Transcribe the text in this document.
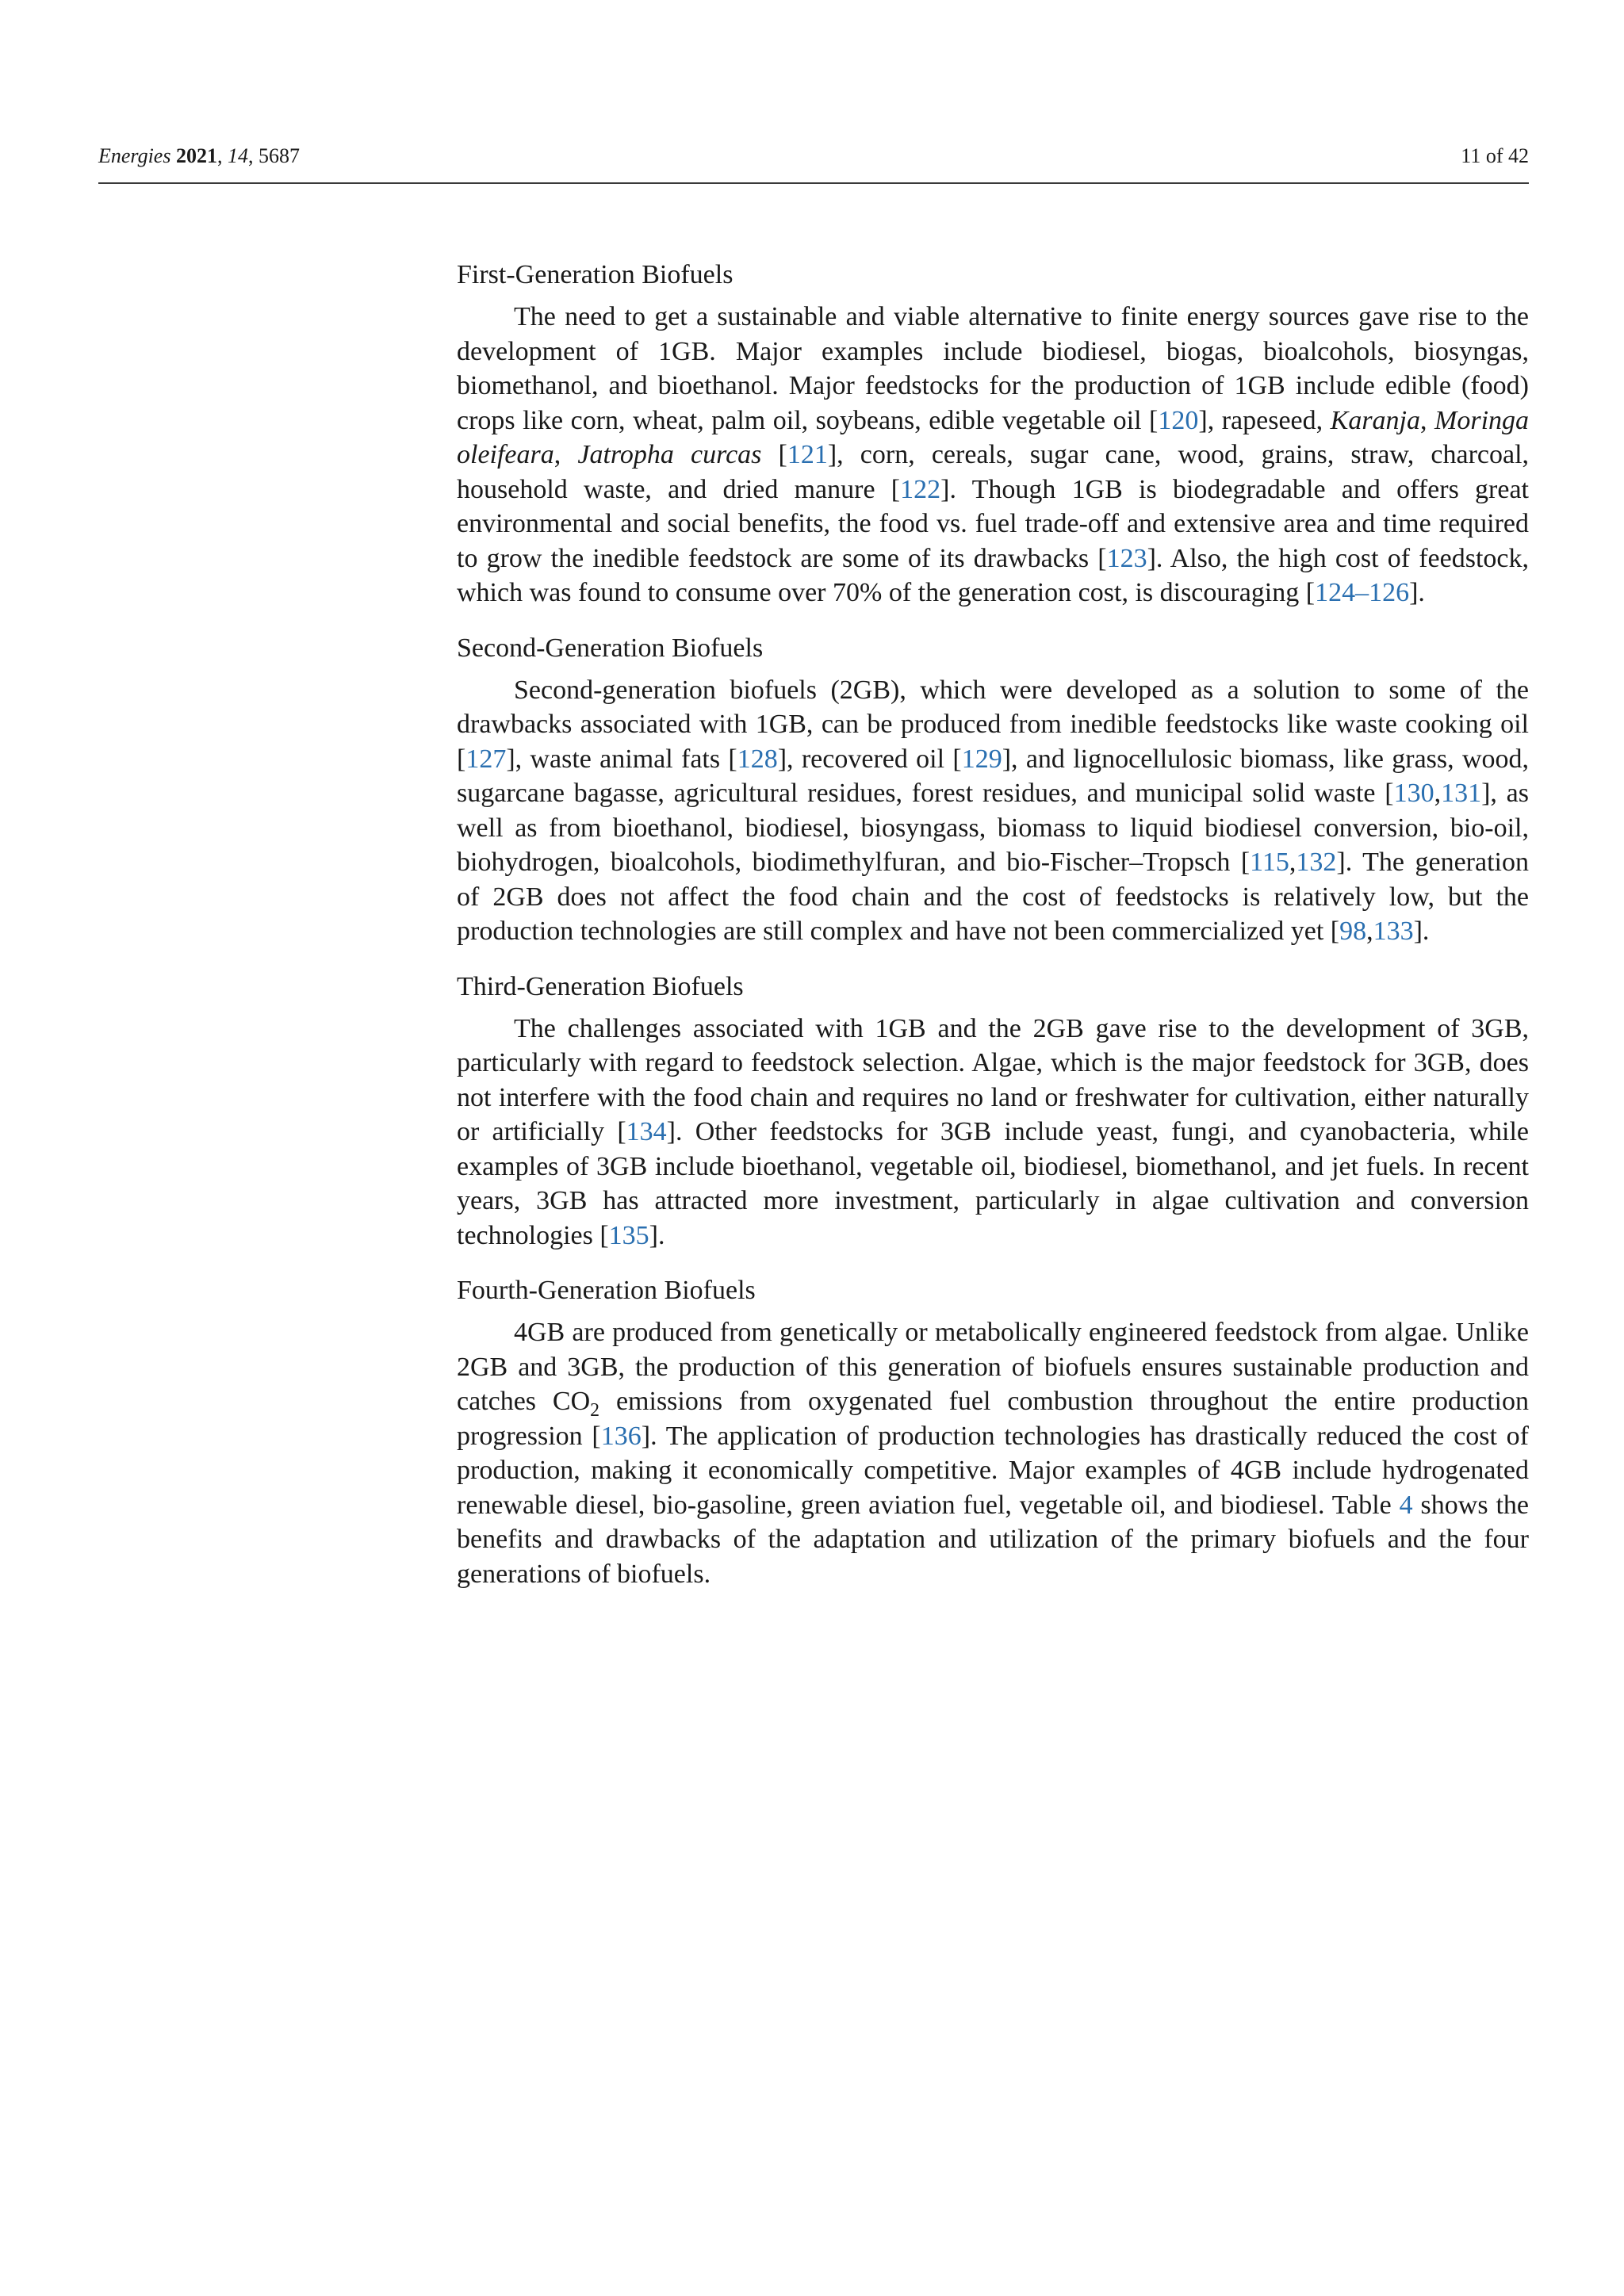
Energies 2021, 14, 5687	11 of 42
First-Generation Biofuels

The need to get a sustainable and viable alternative to finite energy sources gave rise to the development of 1GB. Major examples include biodiesel, biogas, bioalcohols, biosyngas, biomethanol, and bioethanol. Major feedstocks for the production of 1GB include edible (food) crops like corn, wheat, palm oil, soybeans, edible vegetable oil [120], rapeseed, Karanja, Moringa oleifeara, Jatropha curcas [121], corn, cereals, sugar cane, wood, grains, straw, charcoal, household waste, and dried manure [122]. Though 1GB is biodegradable and offers great environmental and social benefits, the food vs. fuel trade-off and extensive area and time required to grow the inedible feedstock are some of its drawbacks [123]. Also, the high cost of feedstock, which was found to consume over 70% of the generation cost, is discouraging [124–126].

Second-Generation Biofuels

Second-generation biofuels (2GB), which were developed as a solution to some of the drawbacks associated with 1GB, can be produced from inedible feedstocks like waste cooking oil [127], waste animal fats [128], recovered oil [129], and lignocellulosic biomass, like grass, wood, sugarcane bagasse, agricultural residues, forest residues, and municipal solid waste [130,131], as well as from bioethanol, biodiesel, biosyngass, biomass to liquid biodiesel conversion, bio-oil, biohydrogen, bioalcohols, biodimethylfuran, and bio-Fischer–Tropsch [115,132]. The generation of 2GB does not affect the food chain and the cost of feedstocks is relatively low, but the production technologies are still complex and have not been commercialized yet [98,133].

Third-Generation Biofuels

The challenges associated with 1GB and the 2GB gave rise to the development of 3GB, particularly with regard to feedstock selection. Algae, which is the major feedstock for 3GB, does not interfere with the food chain and requires no land or freshwater for cultivation, either naturally or artificially [134]. Other feedstocks for 3GB include yeast, fungi, and cyanobacteria, while examples of 3GB include bioethanol, vegetable oil, biodiesel, biomethanol, and jet fuels. In recent years, 3GB has attracted more investment, particularly in algae cultivation and conversion technologies [135].

Fourth-Generation Biofuels

4GB are produced from genetically or metabolically engineered feedstock from algae. Unlike 2GB and 3GB, the production of this generation of biofuels ensures sustainable production and catches $CO_2$ emissions from oxygenated fuel combustion throughout the entire production progression [136]. The application of production technologies has drastically reduced the cost of production, making it economically competitive. Major examples of 4GB include hydrogenated renewable diesel, bio-gasoline, green aviation fuel, vegetable oil, and biodiesel. Table 4 shows the benefits and drawbacks of the adaptation and utilization of the primary biofuels and the four generations of biofuels.
